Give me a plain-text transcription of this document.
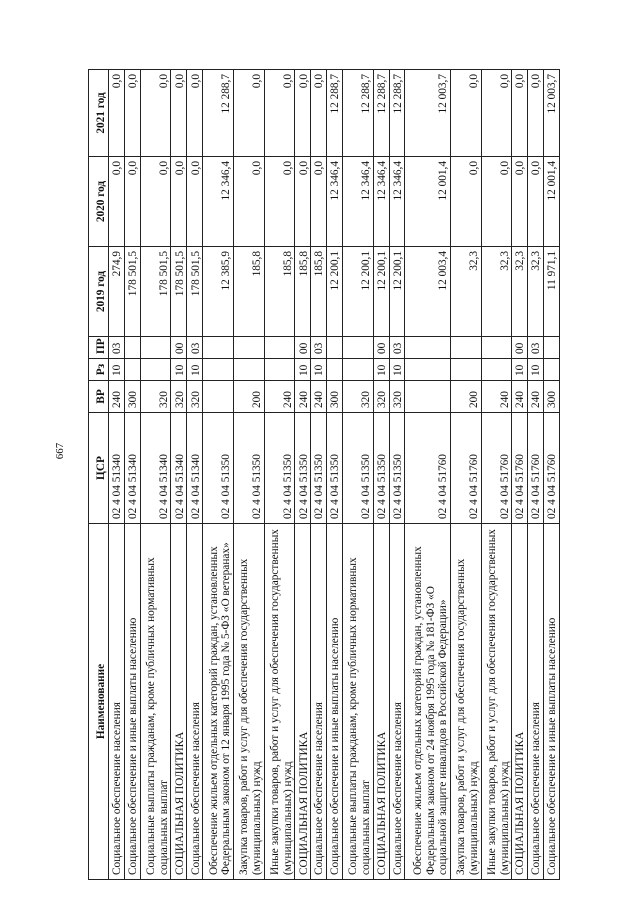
667
Наименование	ЦСР	ВР	Рз	ПР	2019 год	2020 год	2021 год
Социальное обеспечение населения	02 4 04 51340	240	10	03	274,9	0,0	0,0
Социальное обеспечение и иные выплаты населению	02 4 04 51340	300			178 501,5	0,0	0,0
Социальные выплаты гражданам, кроме публичных нормативных социальных выплат	02 4 04 51340	320			178 501,5	0,0	0,0
СОЦИАЛЬНАЯ ПОЛИТИКА	02 4 04 51340	320	10	00	178 501,5	0,0	0,0
Социальное обеспечение населения	02 4 04 51340	320	10	03	178 501,5	0,0	0,0
Обеспечение жильем отдельных категорий граждан, установленных Федеральным законом от 12 января 1995 года № 5-ФЗ «О ветеранах»	02 4 04 51350				12 385,9	12 346,4	12 288,7
Закупка товаров, работ и услуг для обеспечения государственных (муниципальных) нужд	02 4 04 51350	200			185,8	0,0	0,0
Иные закупки товаров, работ и услуг для обеспечения государственных (муниципальных) нужд	02 4 04 51350	240			185,8	0,0	0,0
СОЦИАЛЬНАЯ ПОЛИТИКА	02 4 04 51350	240	10	00	185,8	0,0	0,0
Социальное обеспечение населения	02 4 04 51350	240	10	03	185,8	0,0	0,0
Социальное обеспечение и иные выплаты населению	02 4 04 51350	300			12 200,1	12 346,4	12 288,7
Социальные выплаты гражданам, кроме публичных нормативных социальных выплат	02 4 04 51350	320			12 200,1	12 346,4	12 288,7
СОЦИАЛЬНАЯ ПОЛИТИКА	02 4 04 51350	320	10	00	12 200,1	12 346,4	12 288,7
Социальное обеспечение населения	02 4 04 51350	320	10	03	12 200,1	12 346,4	12 288,7
Обеспечение жильем отдельных категорий граждан, установленных Федеральным законом от 24 ноября 1995 года № 181-ФЗ «О социальной защите инвалидов в Российской Федерации»	02 4 04 51760				12 003,4	12 001,4	12 003,7
Закупка товаров, работ и услуг для обеспечения государственных (муниципальных) нужд	02 4 04 51760	200			32,3	0,0	0,0
Иные закупки товаров, работ и услуг для обеспечения государственных (муниципальных) нужд	02 4 04 51760	240			32,3	0,0	0,0
СОЦИАЛЬНАЯ ПОЛИТИКА	02 4 04 51760	240	10	00	32,3	0,0	0,0
Социальное обеспечение населения	02 4 04 51760	240	10	03	32,3	0,0	0,0
Социальное обеспечение и иные выплаты населению	02 4 04 51760	300			11 971,1	12 001,4	12 003,7
